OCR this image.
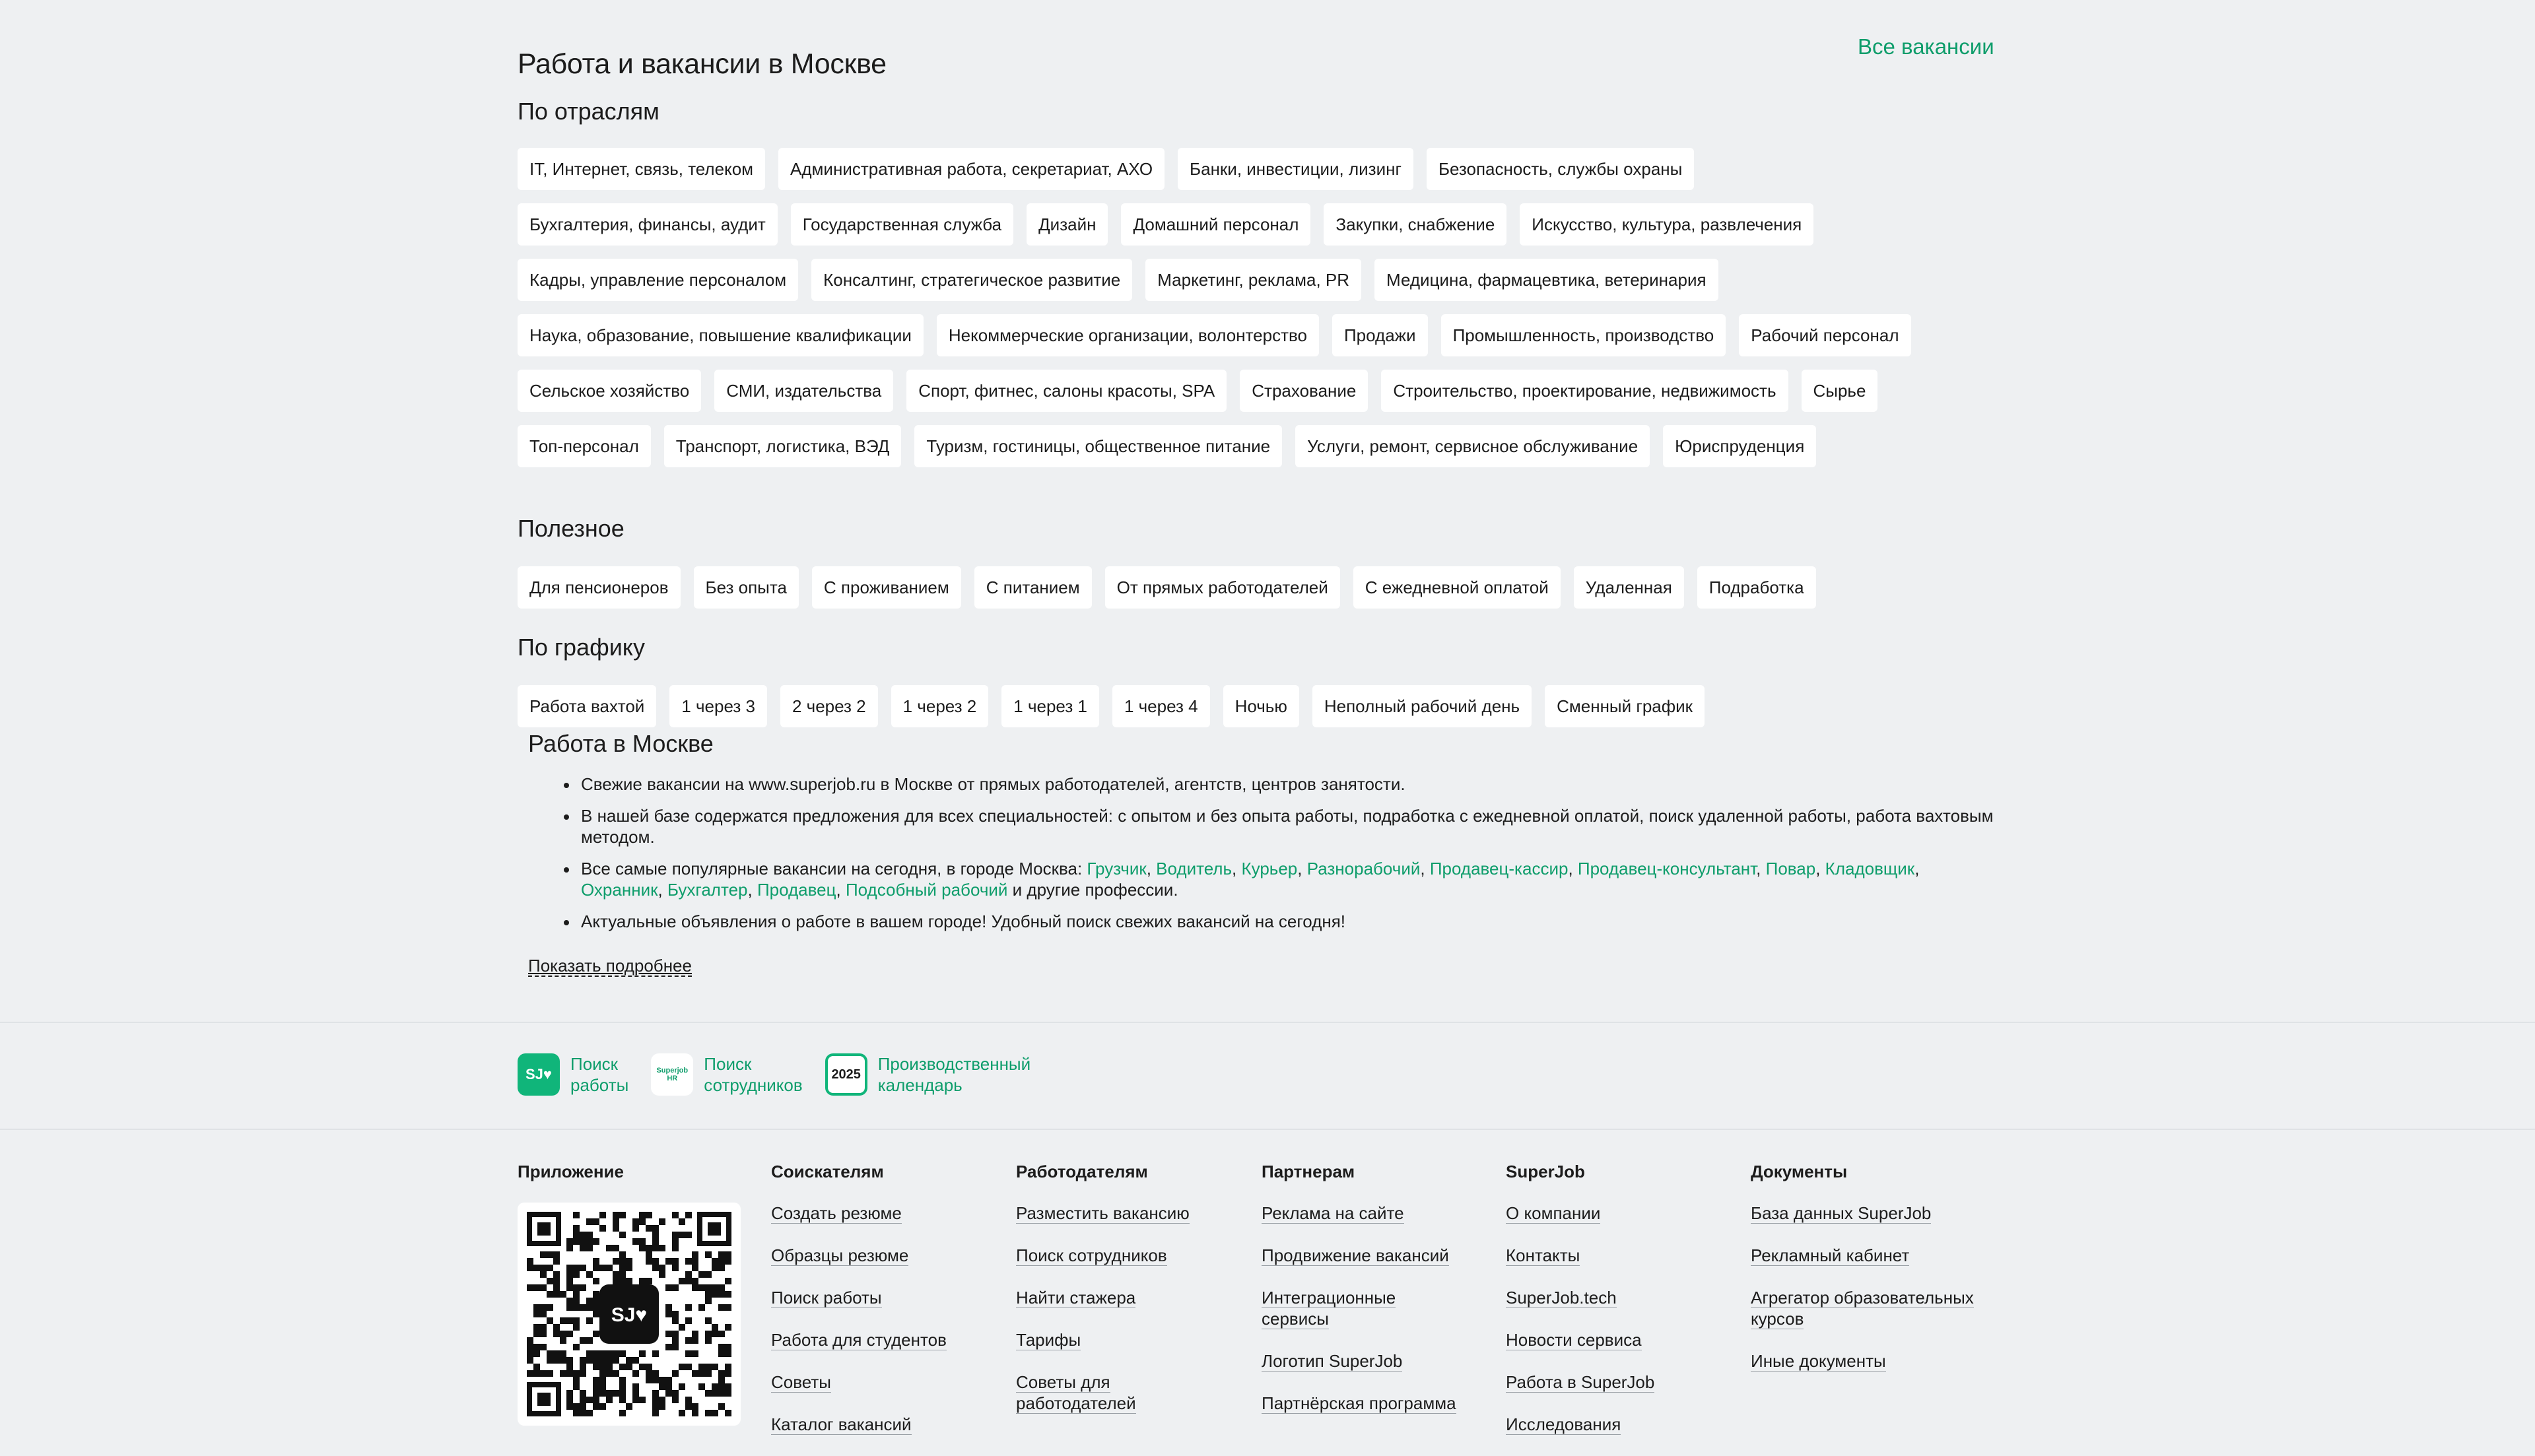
Работа и вакансии в Москве
Все вакансии
По отраслям
IT, Интернет, связь, телеком	Административная работа, секретариат, АХО	Банки, инвестиции, лизинг	Безопасность, службы охраны
Бухгалтерия, финансы, аудит	Государственная служба	Дизайн	Домашний персонал	Закупки, снабжение	Искусство, культура, развлечения
Кадры, управление персоналом	Консалтинг, стратегическое развитие	Маркетинг, реклама, PR	Медицина, фармацевтика, ветеринария
Наука, образование, повышение квалификации	Некоммерческие организации, волонтерство	Продажи	Промышленность, производство	Рабочий персонал
Сельское хозяйство	СМИ, издательства	Спорт, фитнес, салоны красоты, SPA	Страхование	Строительство, проектирование, недвижимость	Сырье
Топ-персонал	Транспорт, логистика, ВЭД	Туризм, гостиницы, общественное питание	Услуги, ремонт, сервисное обслуживание	Юриспруденция
Полезное
Для пенсионеров	Без опыта	С проживанием	С питанием	От прямых работодателей	С ежедневной оплатой	Удаленная	Подработка
По графику
Работа вахтой	1 через 3	2 через 2	1 через 2	1 через 1	1 через 4	Ночью	Неполный рабочий день	Сменный график
Работа в Москве
Свежие вакансии на www.superjob.ru в Москве от прямых работодателей, агентств, центров занятости.
В нашей базе содержатся предложения для всех специальностей: с опытом и без опыта работы, подработка с ежедневной оплатой, поиск удаленной работы, работа вахтовым методом.
Все самые популярные вакансии на сегодня, в городе Москва: Грузчик, Водитель, Курьер, Разнорабочий, Продавец-кассир, Продавец-консультант, Повар, Кладовщик, Охранник, Бухгалтер, Продавец, Подсобный рабочий и другие профессии.
Актуальные объявления о работе в вашем городе! Удобный поиск свежих вакансий на сегодня!
Показать подробнее
SJ♥
Поиск
работы
Superjob HR
Поиск
сотрудников
2025
Производственный
календарь
Приложение
SJ♥
Соискателям
Создать резюме
Образцы резюме
Поиск работы
Работа для студентов
Советы
Каталог вакансий
Работодателям
Разместить вакансию
Поиск сотрудников
Найти стажера
Тарифы
Советы для работодателей
Партнерам
Реклама на сайте
Продвижение вакансий
Интеграционные сервисы
Логотип SuperJob
Партнёрская программа
SuperJob
О компании
Контакты
SuperJob.tech
Новости сервиса
Работа в SuperJob
Исследования
Документы
База данных SuperJob
Рекламный кабинет
Агрегатор образовательных курсов
Иные документы
